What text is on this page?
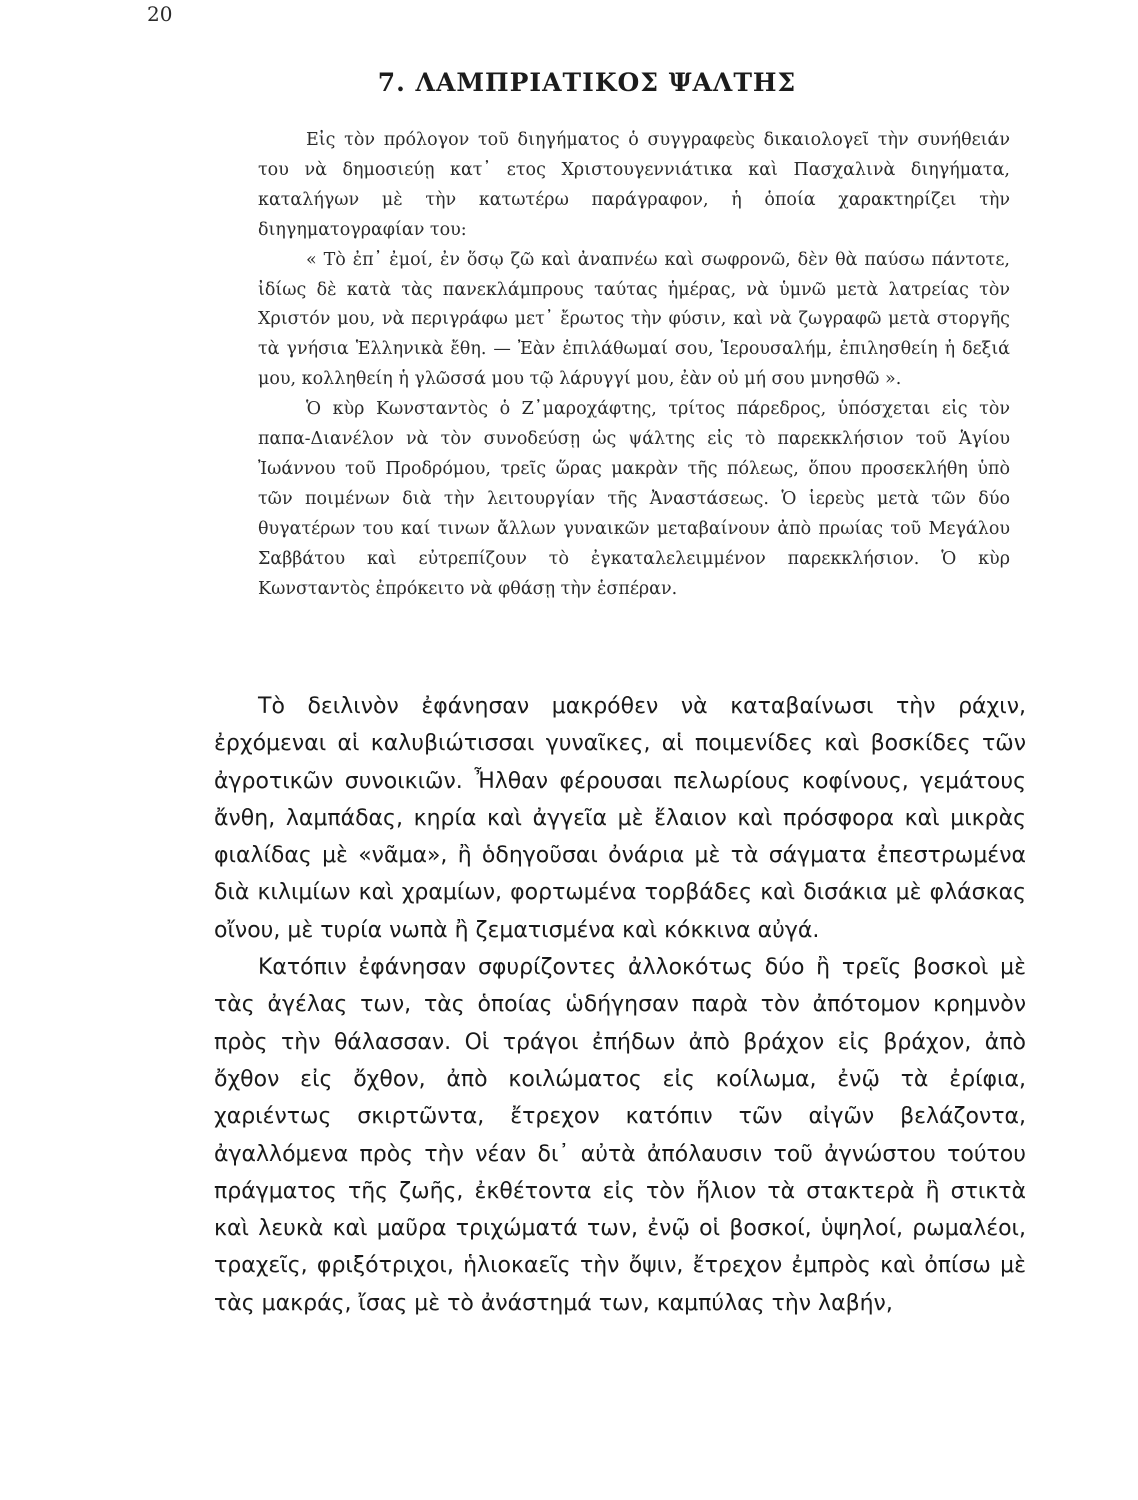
20
7. ΛΑΜΠΡΙΑΤΙΚΟΣ ΨΑΛΤΗΣ

Εἰς τὸν πρόλογον τοῦ διηγήματος ὁ συγγραφεὺς δικαιολογεῖ τὴν συνήθειάν του νὰ δημοσιεύῃ κατ᾽ ετος Χριστουγεννιάτικα καὶ Πασχαλινὰ διηγήματα, καταλήγων μὲ τὴν κατωτέρω παράγραφον, ἡ ὁποία χαρακτηρίζει τὴν διηγηματογραφίαν του:

« Τὸ ἐπ᾽ ἐμοί, ἐν ὅσῳ ζῶ καὶ ἀναπνέω καὶ σωφρονῶ, δὲν θὰ παύσω πάντοτε, ἰδίως δὲ κατὰ τὰς πανεκλάμπρους ταύτας ἡμέρας, νὰ ὑμνῶ μετὰ λατρείας τὸν Χριστόν μου, νὰ περιγράφω μετ᾽ ἔρωτος τὴν φύσιν, καὶ νὰ ζωγραφῶ μετὰ στοργῆς τὰ γνήσια Ἑλληνικὰ ἔθη. — Ἐὰν ἐπιλάθωμαί σου, Ἱερουσαλήμ, ἐπιλησθείη ἡ δεξιά μου, κολληθείη ἡ γλῶσσά μου τῷ λάρυγγί μου, ἐὰν οὐ μή σου μνησθῶ ».

Ὁ κὺρ Κωνσταντὸς ὁ Ζ᾽μαροχάφτης, τρίτος πάρεδρος, ὑπόσχεται εἰς τὸν παπα-Διανέλον νὰ τὸν συνοδεύσῃ ὡς ψάλτης εἰς τὸ παρεκκλήσιον τοῦ Ἁγίου Ἰωάννου τοῦ Προδρόμου, τρεῖς ὥρας μακρὰν τῆς πόλεως, ὅπου προσεκλήθη ὑπὸ τῶν ποιμένων διὰ τὴν λειτουργίαν τῆς Ἀναστάσεως. Ὁ ἱερεὺς μετὰ τῶν δύο θυγατέρων του καί τινων ἄλλων γυναικῶν μεταβαίνουν ἀπὸ πρωίας τοῦ Μεγάλου Σαββάτου καὶ εὐτρεπίζουν τὸ ἐγκαταλελειμμένον παρεκκλήσιον. Ὁ κὺρ Κωνσταντὸς ἐπρόκειτο νὰ φθάσῃ τὴν ἑσπέραν.

Τὸ δειλινὸν ἐφάνησαν μακρόθεν νὰ καταβαίνωσι τὴν ράχιν, ἐρχόμεναι αἱ καλυβιώτισσαι γυναῖκες, αἱ ποιμενίδες καὶ βοσκίδες τῶν ἀγροτικῶν συνοικιῶν. Ἦλθαν φέρουσαι πελωρίους κοφίνους, γεμάτους ἄνθη, λαμπάδας, κηρία καὶ ἀγγεῖα μὲ ἔλαιον καὶ πρόσφορα καὶ μικρὰς φιαλίδας μὲ «νᾶμα», ἢ ὁδηγοῦσαι ὀνάρια μὲ τὰ σάγματα ἐπεστρωμένα διὰ κιλιμίων καὶ χραμίων, φορτωμένα τορβάδες καὶ δισάκια μὲ φλάσκας οἴνου, μὲ τυρία νωπὰ ἢ ζεματισμένα καὶ κόκκινα αὐγά.

Κατόπιν ἐφάνησαν σφυρίζοντες ἀλλοκότως δύο ἢ τρεῖς βοσκοὶ μὲ τὰς ἀγέλας των, τὰς ὁποίας ὡδήγησαν παρὰ τὸν ἀπότομον κρημνὸν πρὸς τὴν θάλασσαν. Οἱ τράγοι ἐπήδων ἀπὸ βράχον εἰς βράχον, ἀπὸ ὄχθον εἰς ὄχθον, ἀπὸ κοιλώματος εἰς κοίλωμα, ἐνῷ τὰ ἐρίφια, χαριέντως σκιρτῶντα, ἔτρεχον κατόπιν τῶν αἰγῶν βελάζοντα, ἀγαλλόμενα πρὸς τὴν νέαν δι᾽ αὐτὰ ἀπόλαυσιν τοῦ ἀγνώστου τούτου πράγματος τῆς ζωῆς, ἐκθέτοντα εἰς τὸν ἥλιον τὰ στακτερὰ ἢ στικτὰ καὶ λευκὰ καὶ μαῦρα τριχώματά των, ἐνῷ οἱ βοσκοί, ὑψηλοί, ρωμαλέοι, τραχεῖς, φριξότριχοι, ἡλιοκαεῖς τὴν ὄψιν, ἔτρεχον ἐμπρὸς καὶ ὀπίσω μὲ τὰς μακράς, ἴσας μὲ τὸ ἀνάστημά των, καμπύλας τὴν λαβήν,
